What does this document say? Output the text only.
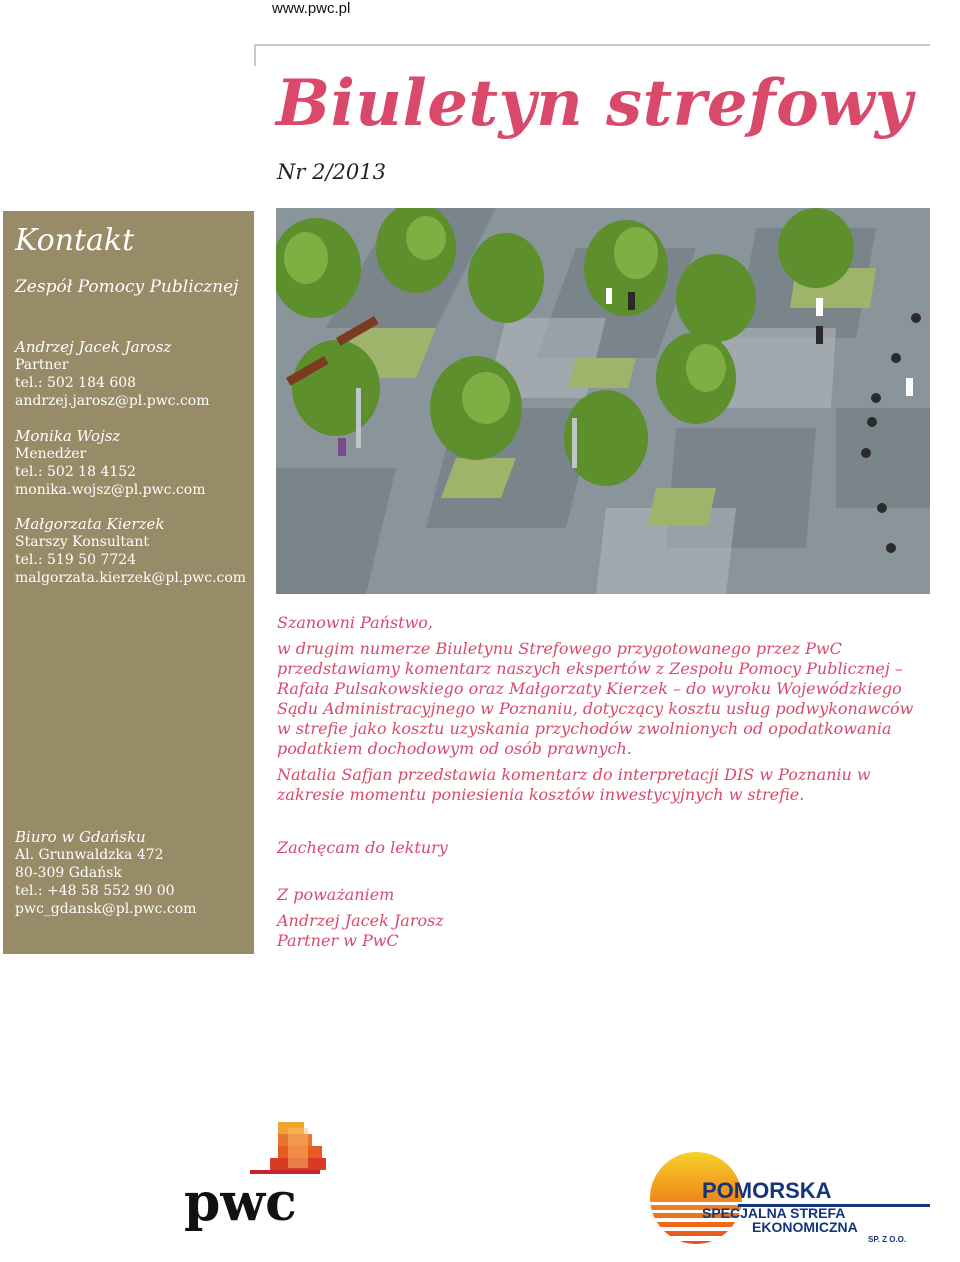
www.pwc.pl
Biuletyn strefowy
Nr 2/2013
Kontakt
Zespół Pomocy Publicznej
Andrzej Jacek Jarosz
Partner
tel.: 502 184 608
andrzej.jarosz@pl.pwc.com
Monika Wojsz
Menedżer
tel.: 502 18 4152
monika.wojsz@pl.pwc.com
Małgorzata Kierzek
Starszy Konsultant
tel.: 519 50 7724
malgorzata.kierzek@pl.pwc.com
Biuro w Gdańsku
Al. Grunwaldzka 472
80-309 Gdańsk
tel.: +48 58 552 90 00
pwc_gdansk@pl.pwc.com

Szanowni Państwo,

w drugim numerze Biuletynu Strefowego przygotowanego przez PwC przedstawiamy komentarz naszych ekspertów z Zespołu Pomocy Publicznej – Rafała Pulsakowskiego oraz Małgorzaty Kierzek – do wyroku Wojewódzkiego Sądu Administracyjnego w Poznaniu, dotyczący kosztu usług podwykonawców w strefie jako kosztu uzyskania przychodów zwolnionych od opodatkowania podatkiem dochodowym od osób prawnych.

Natalia Safjan przedstawia komentarz do interpretacji DIS w Poznaniu w zakresie momentu poniesienia kosztów inwestycyjnych w strefie.

Zachęcam do lektury

Z poważaniem

Andrzej Jacek Jarosz

Partner w PwC

pwc	POMORSKA
SPECJALNA STREFA
EKONOMICZNA
SP. Z O.O.
